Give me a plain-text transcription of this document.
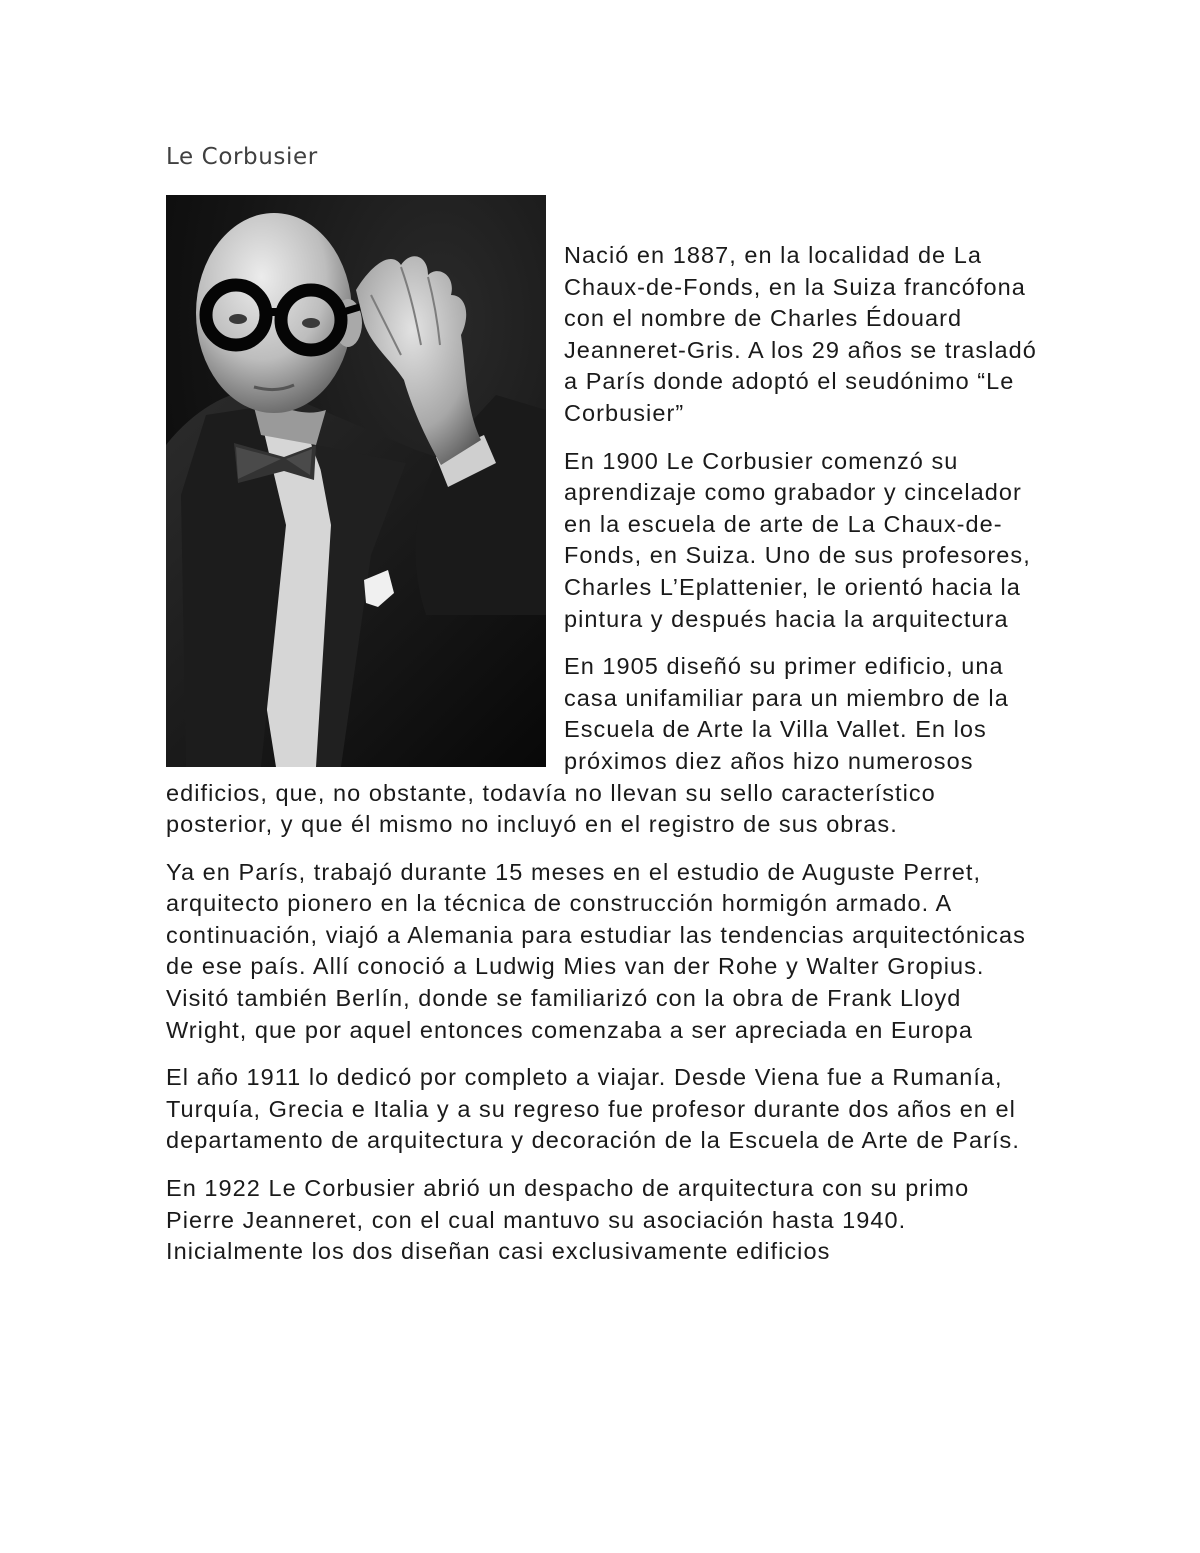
Le Corbusier

Nació en 1887, en la localidad de La Chaux-de-Fonds, en la Suiza francófona con el nombre de Charles Édouard Jeanneret-Gris. A los 29 años se trasladó a París donde adoptó el seudónimo “Le Corbusier”

En 1900 Le Corbusier comenzó su aprendizaje como grabador y cincelador en la escuela de arte de La Chaux-de-Fonds, en Suiza. Uno de sus profesores, Charles L’Eplattenier, le orientó hacia la pintura y después hacia la arquitectura

En 1905 diseñó su primer edificio, una casa unifamiliar para un miembro de la Escuela de Arte la Villa Vallet. En los próximos diez años hizo numerosos edificios, que, no obstante, todavía no llevan su sello característico posterior, y que él mismo no incluyó en el registro de sus obras.

Ya en París, trabajó durante 15 meses en el estudio de Auguste Perret, arquitecto pionero en la técnica de construcción hormigón armado. A continuación, viajó a Alemania para estudiar las tendencias arquitectónicas de ese país. Allí conoció a Ludwig Mies van der Rohe y Walter Gropius. Visitó también Berlín, donde se familiarizó con la obra de Frank Lloyd Wright, que por aquel entonces comenzaba a ser apreciada en Europa

El año 1911 lo dedicó por completo a viajar. Desde Viena fue a Rumanía, Turquía, Grecia e Italia y a su regreso fue profesor durante dos años en el departamento de arquitectura y decoración de la Escuela de Arte de París.

En 1922 Le Corbusier abrió un despacho de arquitectura con su primo Pierre Jeanneret, con el cual mantuvo su asociación hasta 1940. Inicialmente los dos diseñan casi exclusivamente edificios
